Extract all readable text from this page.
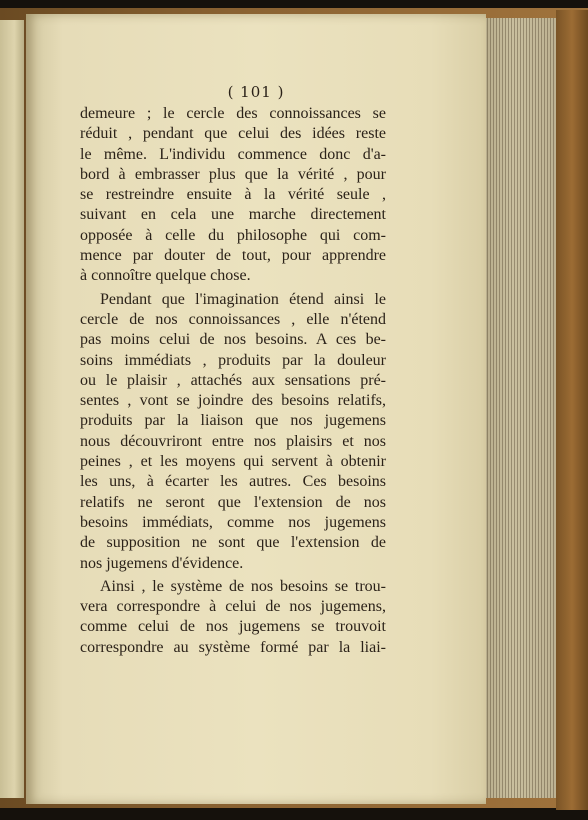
( 101 )
demeure ; le cercle des connoissances se
réduit , pendant que celui des idées reste
le même. L'individu commence donc d'a-
bord à embrasser plus que la vérité , pour
se restreindre ensuite à la vérité seule ,
suivant en cela une marche directement
opposée à celle du philosophe qui com-
mence par douter de tout, pour apprendre
à connoître quelque chose.
Pendant que l'imagination étend ainsi le
cercle de nos connoissances , elle n'étend
pas moins celui de nos besoins. A ces be-
soins immédiats , produits par la douleur
ou le plaisir , attachés aux sensations pré-
sentes , vont se joindre des besoins relatifs,
produits par la liaison que nos jugemens
nous découvriront entre nos plaisirs et nos
peines , et les moyens qui servent à obtenir
les uns, à écarter les autres. Ces besoins
relatifs ne seront que l'extension de nos
besoins immédiats, comme nos jugemens
de supposition ne sont que l'extension de
nos jugemens d'évidence.
Ainsi , le système de nos besoins se trou-
vera correspondre à celui de nos jugemens,
comme celui de nos jugemens se trouvoit
correspondre au système formé par la liai-
